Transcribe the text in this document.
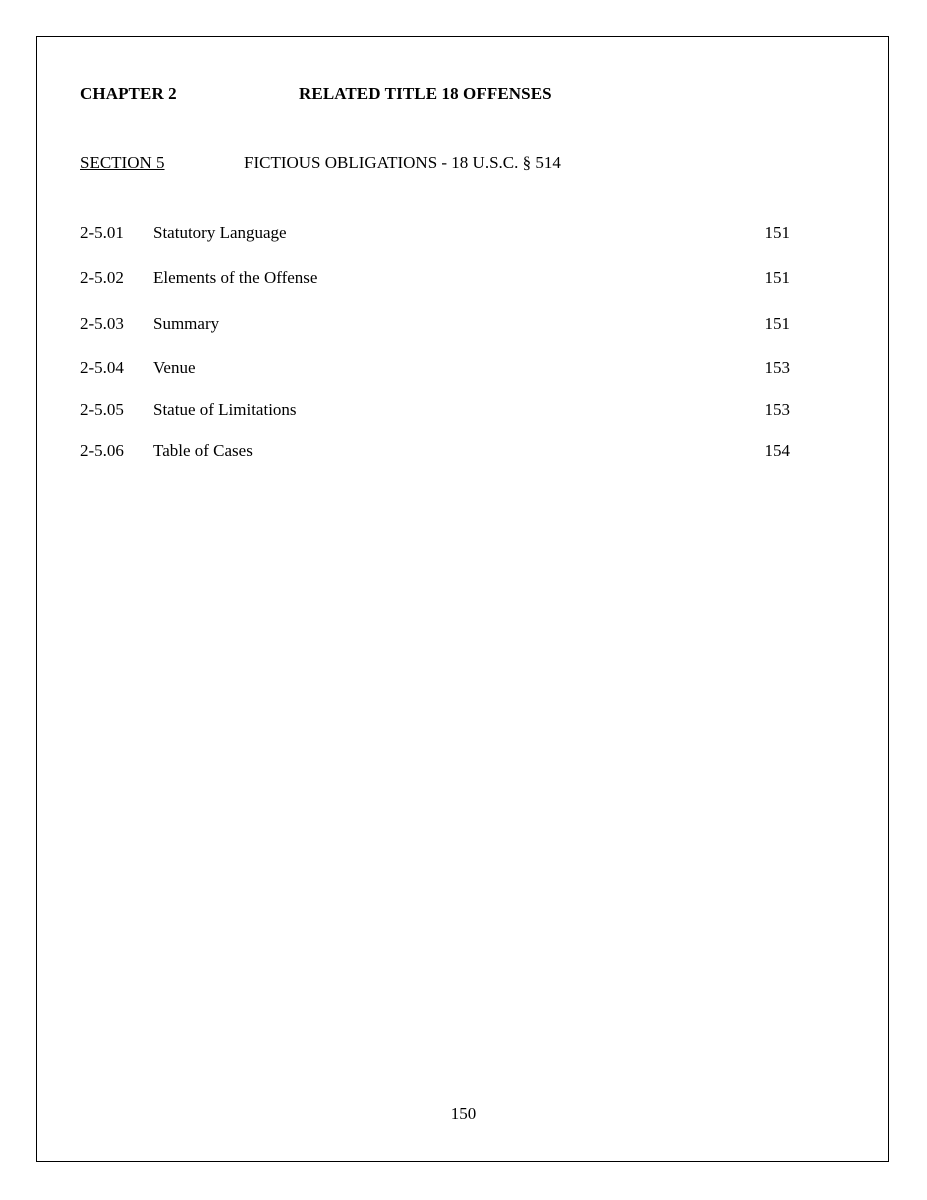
CHAPTER 2	RELATED TITLE 18 OFFENSES
SECTION 5	FICTIOUS OBLIGATIONS - 18 U.S.C. § 514
2-5.01 Statutory Language	151
2-5.02 Elements of the Offense	151
2-5.03 Summary	151
2-5.04 Venue	153
2-5.05 Statue of Limitations	153
2-5.06 Table of Cases	154
150
